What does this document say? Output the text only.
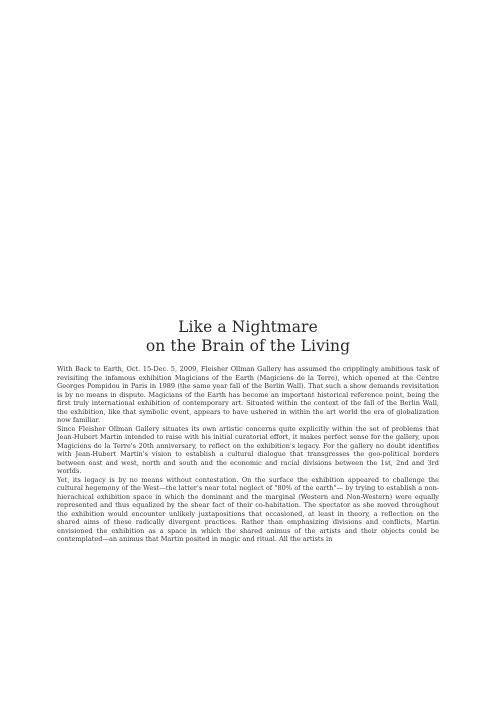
Like a Nightmare
on the Brain of the Living

With Back to Earth, Oct. 15-Dec. 5, 2009, Fleisher Ollman Gallery has assumed the cripplingly ambitious task of revisiting the infamous exhibition Magicians of the Earth (Magiciens de la Terre), which opened at the Centre Georges Pompidou in Paris in 1989 (the same year fall of the Berlin Wall). That such a show demands revisitation is by no means in dispute. Magicians of the Earth has become an important historical reference point, being the first truly international exhibition of contemporary art. Situated within the context of the fall of the Berlin Wall, the exhibition, like that symbolic event, appears to have ushered in within the art world the era of globalization now familiar.

Since Fleisher Ollman Gallery situates its own artistic concerns quite explicitly within the set of problems that Jean-Hubert Martin intended to raise with his initial curatorial effort, it makes perfect sense for the gallery, upon Magiciens de la Terre's 20th anniversary, to reflect on the exhibition's legacy. For the gallery no doubt identifies with Jean-Hubert Martin's vision to establish a cultural dialogue that transgresses the geo-political borders between east and west, north and south and the economic and racial divisions between the 1st, 2nd and 3rd worlds.

Yet, its legacy is by no means without contestation. On the surface the exhibition appeared to challenge the cultural hegemony of the West—the latter's near total neglect of "80% of the earth"— by trying to establish a non-hierachical exhibition space in which the dominant and the marginal (Western and Non-Western) were equally represented and thus equalized by the shear fact of their co-habitation. The spectator as she moved throughout the exhibition would encounter unlikely juxtapositions that occasioned, at least in theory, a reflection on the shared aims of these radically divergent practices. Rather than emphasizing divisions and conflicts, Martin envisioned the exhibition as a space in which the shared animus of the artists and their objects could be contemplated—an animus that Martin posited in magic and ritual. All the artists in
